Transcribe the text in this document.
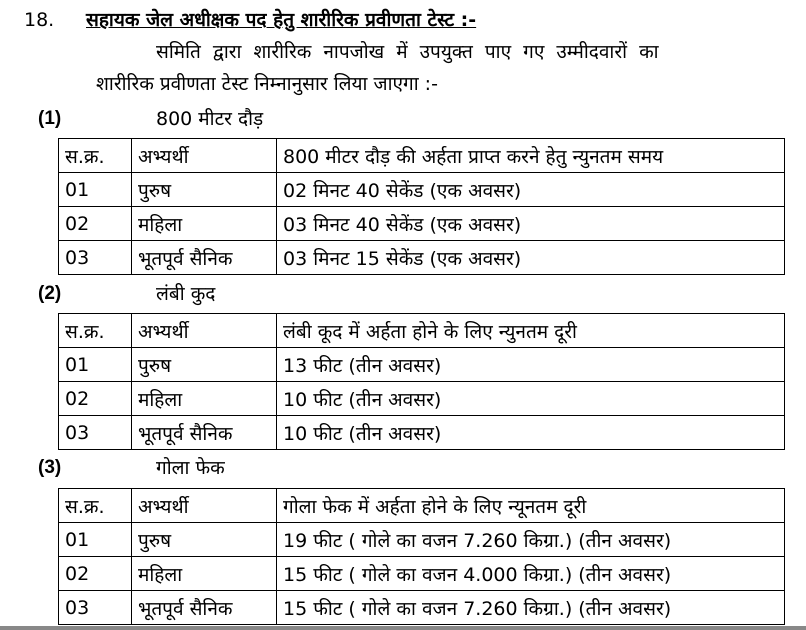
18. सहायक जेल अधीक्षक पद हेतु शारीरिक प्रवीणता टेस्ट :-
समिति द्वारा शारीरिक नापजोख में उपयुक्त पाए गए उम्मीदवारों का
शारीरिक प्रवीणता टेस्ट निम्नानुसार लिया जाएगा :-
(1)	800 मीटर दौड़
स.क्र.	अभ्यर्थी	800 मीटर दौड़ की अर्हता प्राप्त करने हेतु न्युनतम समय
01	पुरुष	02 मिनट 40 सेकेंड (एक अवसर)
02	महिला	03 मिनट 40 सेकेंड (एक अवसर)
03	भूतपूर्व सैनिक	03 मिनट 15 सेकेंड (एक अवसर)
(2)	लंबी कुद
स.क्र.	अभ्यर्थी	लंबी कूद में अर्हता होने के लिए न्युनतम दूरी
01	पुरुष	13 फीट (तीन अवसर)
02	महिला	10 फीट (तीन अवसर)
03	भूतपूर्व सैनिक	10 फीट (तीन अवसर)
(3)	गोला फेक
स.क्र.	अभ्यर्थी	गोला फेक में अर्हता होने के लिए न्यूनतम दूरी
01	पुरुष	19 फीट ( गोले का वजन 7.260 किग्रा.) (तीन अवसर)
02	महिला	15 फीट ( गोले का वजन 4.000 किग्रा.) (तीन अवसर)
03	भूतपूर्व सैनिक	15 फीट ( गोले का वजन 7.260 किग्रा.) (तीन अवसर)
